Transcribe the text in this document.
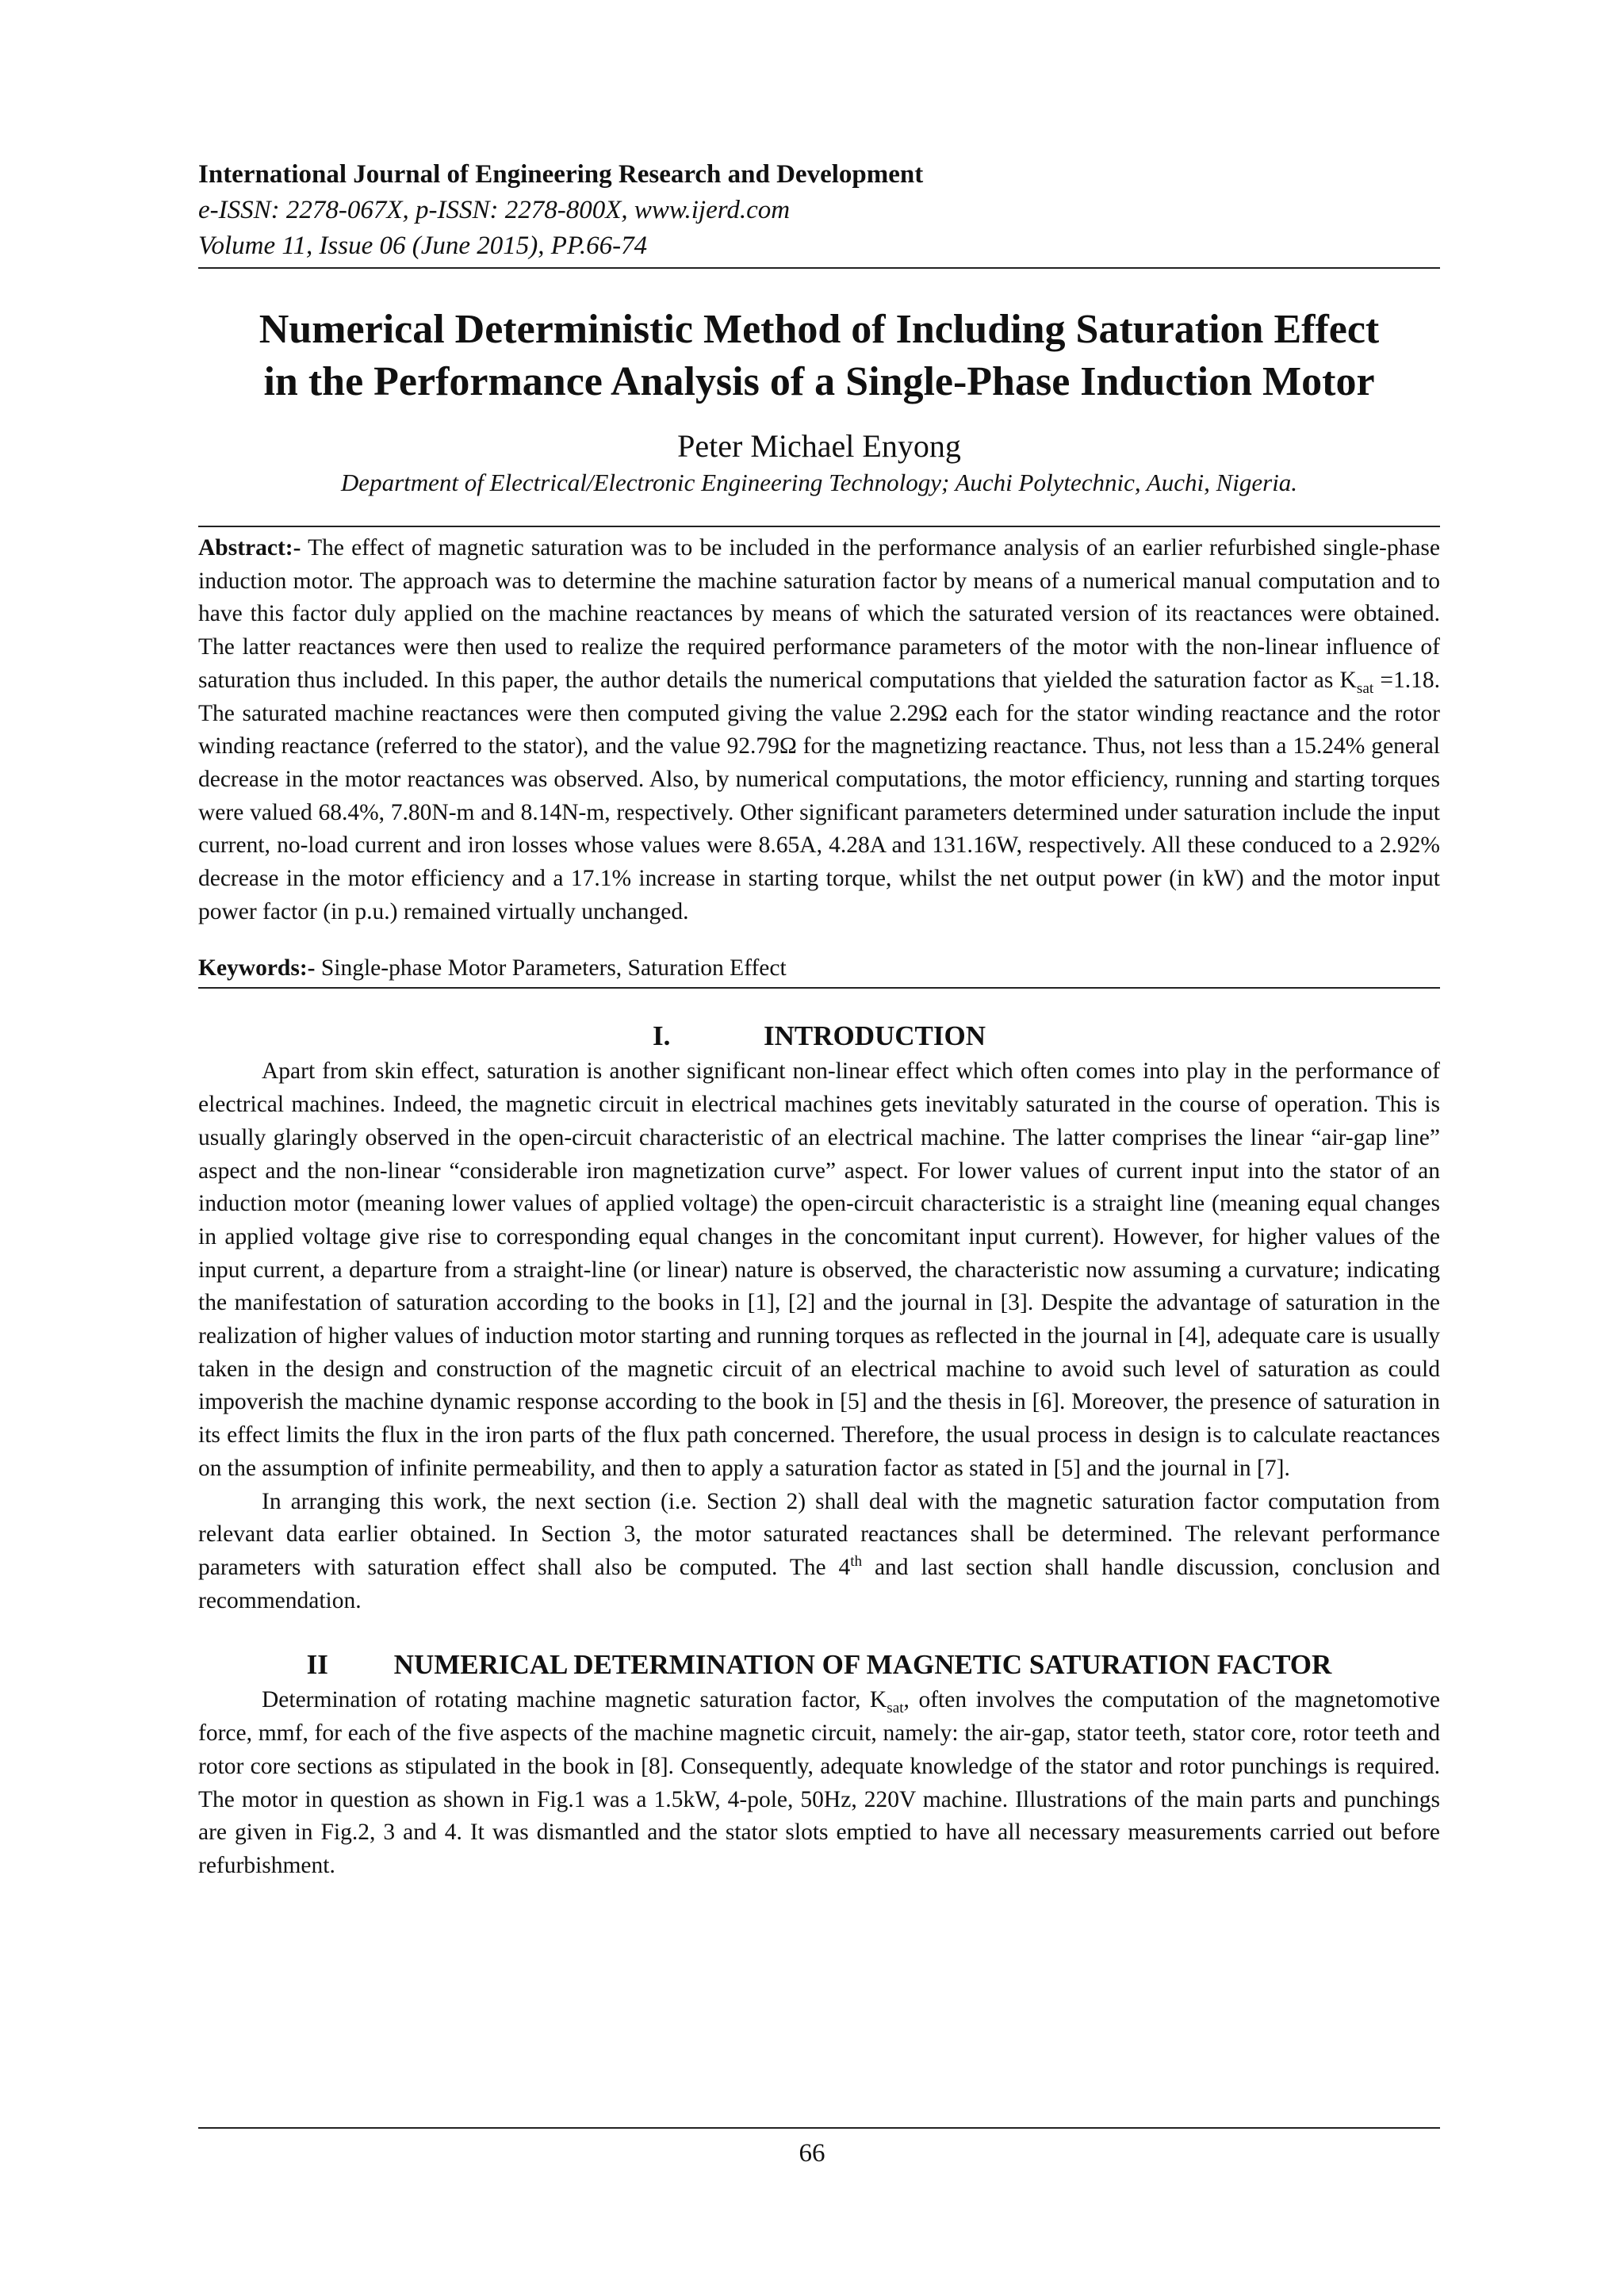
International Journal of Engineering Research and Development
e-ISSN: 2278-067X, p-ISSN: 2278-800X, www.ijerd.com
Volume 11, Issue 06 (June 2015), PP.66-74
Numerical Deterministic Method of Including Saturation Effect
in the Performance Analysis of a Single-Phase Induction Motor
Peter Michael Enyong
Department of Electrical/Electronic Engineering Technology; Auchi Polytechnic, Auchi, Nigeria.
Abstract:- The effect of magnetic saturation was to be included in the performance analysis of an earlier refurbished single-phase induction motor. The approach was to determine the machine saturation factor by means of a numerical manual computation and to have this factor duly applied on the machine reactances by means of which the saturated version of its reactances were obtained. The latter reactances were then used to realize the required performance parameters of the motor with the non-linear influence of saturation thus included. In this paper, the author details the numerical computations that yielded the saturation factor as $K_{sat} =1.18$. The saturated machine reactances were then computed giving the value 2.29Ω each for the stator winding reactance and the rotor winding reactance (referred to the stator), and the value 92.79Ω for the magnetizing reactance. Thus, not less than a 15.24% general decrease in the motor reactances was observed. Also, by numerical computations, the motor efficiency, running and starting torques were valued 68.4%, 7.80N-m and 8.14N-m, respectively. Other significant parameters determined under saturation include the input current, no-load current and iron losses whose values were 8.65A, 4.28A and 131.16W, respectively. All these conduced to a 2.92% decrease in the motor efficiency and a 17.1% increase in starting torque, whilst the net output power (in kW) and the motor input power factor (in p.u.) remained virtually unchanged.
Keywords:- Single-phase Motor Parameters, Saturation Effect
I.	INTRODUCTION

Apart from skin effect, saturation is another significant non-linear effect which often comes into play in the performance of electrical machines. Indeed, the magnetic circuit in electrical machines gets inevitably saturated in the course of operation. This is usually glaringly observed in the open-circuit characteristic of an electrical machine. The latter comprises the linear “air-gap line” aspect and the non-linear “considerable iron magnetization curve” aspect. For lower values of current input into the stator of an induction motor (meaning lower values of applied voltage) the open-circuit characteristic is a straight line (meaning equal changes in applied voltage give rise to corresponding equal changes in the concomitant input current). However, for higher values of the input current, a departure from a straight-line (or linear) nature is observed, the characteristic now assuming a curvature; indicating the manifestation of saturation according to the books in [1], [2] and the journal in [3]. Despite the advantage of saturation in the realization of higher values of induction motor starting and running torques as reflected in the journal in [4], adequate care is usually taken in the design and construction of the magnetic circuit of an electrical machine to avoid such level of saturation as could impoverish the machine dynamic response according to the book in [5] and the thesis in [6]. Moreover, the presence of saturation in its effect limits the flux in the iron parts of the flux path concerned. Therefore, the usual process in design is to calculate reactances on the assumption of infinite permeability, and then to apply a saturation factor as stated in [5] and the journal in [7].

In arranging this work, the next section (i.e. Section 2) shall deal with the magnetic saturation factor computation from relevant data earlier obtained. In Section 3, the motor saturated reactances shall be determined. The relevant performance parameters with saturation effect shall also be computed. The 4th and last section shall handle discussion, conclusion and recommendation.

II NUMERICAL DETERMINATION OF MAGNETIC SATURATION FACTOR

Determination of rotating machine magnetic saturation factor, $K_{sat}$, often involves the computation of the magnetomotive force, mmf, for each of the five aspects of the machine magnetic circuit, namely: the air-gap, stator teeth, stator core, rotor teeth and rotor core sections as stipulated in the book in [8]. Consequently, adequate knowledge of the stator and rotor punchings is required. The motor in question as shown in Fig.1 was a 1.5kW, 4-pole, 50Hz, 220V machine. Illustrations of the main parts and punchings are given in Fig.2, 3 and 4. It was dismantled and the stator slots emptied to have all necessary measurements carried out before refurbishment.

66
